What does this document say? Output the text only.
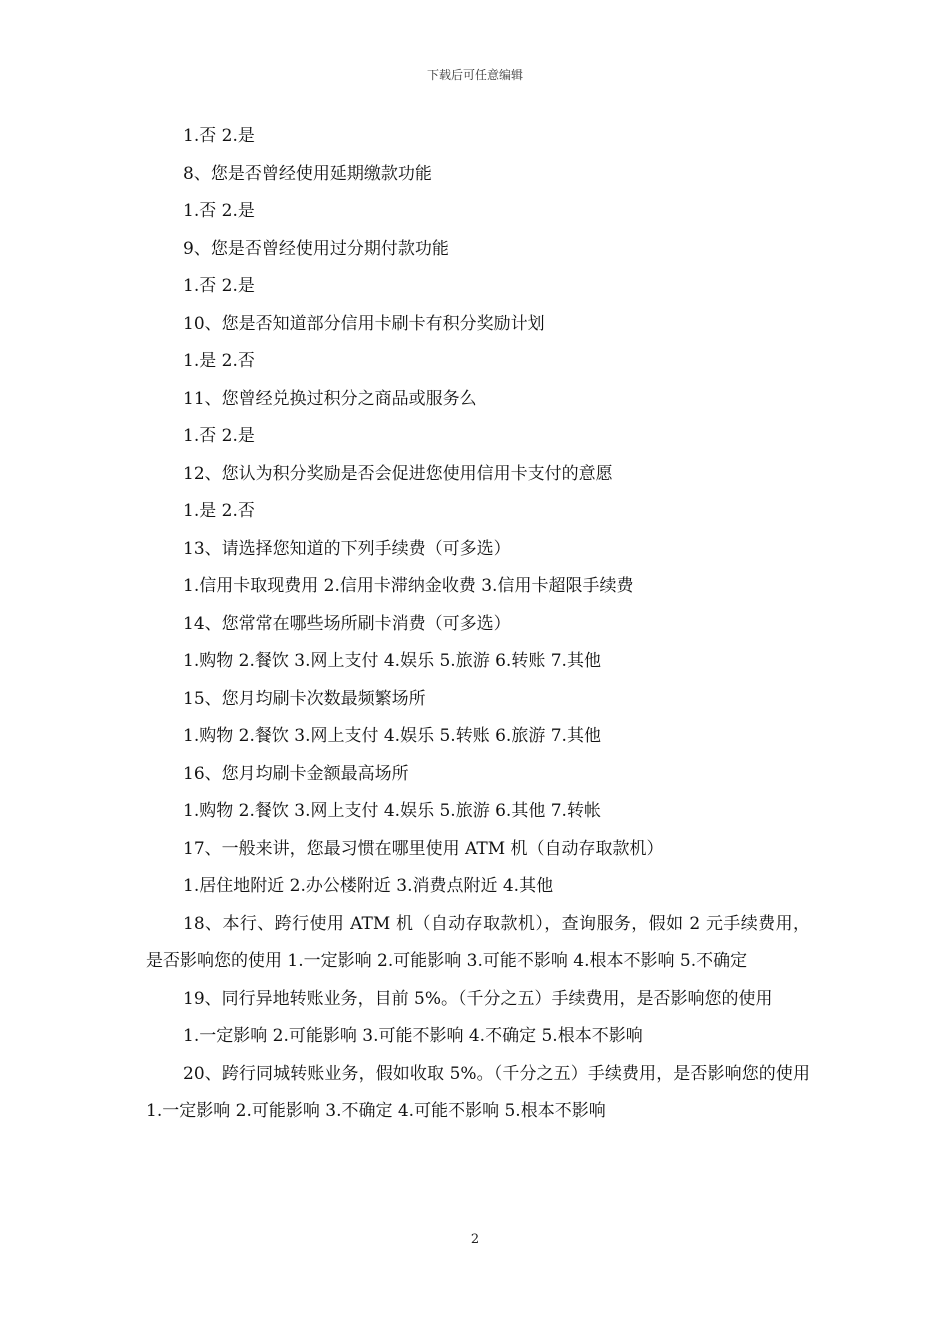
下载后可任意编辑

1.否 2.是

8、您是否曾经使用延期缴款功能

1.否 2.是

9、您是否曾经使用过分期付款功能

1.否 2.是

10、您是否知道部分信用卡刷卡有积分奖励计划

1.是 2.否

11、您曾经兑换过积分之商品或服务么

1.否 2.是

12、您认为积分奖励是否会促进您使用信用卡支付的意愿

1.是 2.否

13、请选择您知道的下列手续费（可多选）

1.信用卡取现费用 2.信用卡滞纳金收费 3.信用卡超限手续费

14、您常常在哪些场所刷卡消费（可多选）

1.购物 2.餐饮 3.网上支付 4.娱乐 5.旅游 6.转账 7.其他

15、您月均刷卡次数最频繁场所

1.购物 2.餐饮 3.网上支付 4.娱乐 5.转账 6.旅游 7.其他

16、您月均刷卡金额最高场所

1.购物 2.餐饮 3.网上支付 4.娱乐 5.旅游 6.其他 7.转帐

17、一般来讲，您最习惯在哪里使用 ATM 机（自动存取款机）

1.居住地附近 2.办公楼附近 3.消费点附近 4.其他

18、本行、跨行使用 ATM 机（自动存取款机），查询服务，假如 2 元手续费用，是否影响您的使用 1.一定影响 2.可能影响 3.可能不影响 4.根本不影响 5.不确定

19、同行异地转账业务，目前 5%。（千分之五）手续费用，是否影响您的使用

1.一定影响 2.可能影响 3.可能不影响 4.不确定 5.根本不影响

20、跨行同城转账业务，假如收取 5%。（千分之五）手续费用，是否影响您的使用 1.一定影响 2.可能影响 3.不确定 4.可能不影响 5.根本不影响

2
